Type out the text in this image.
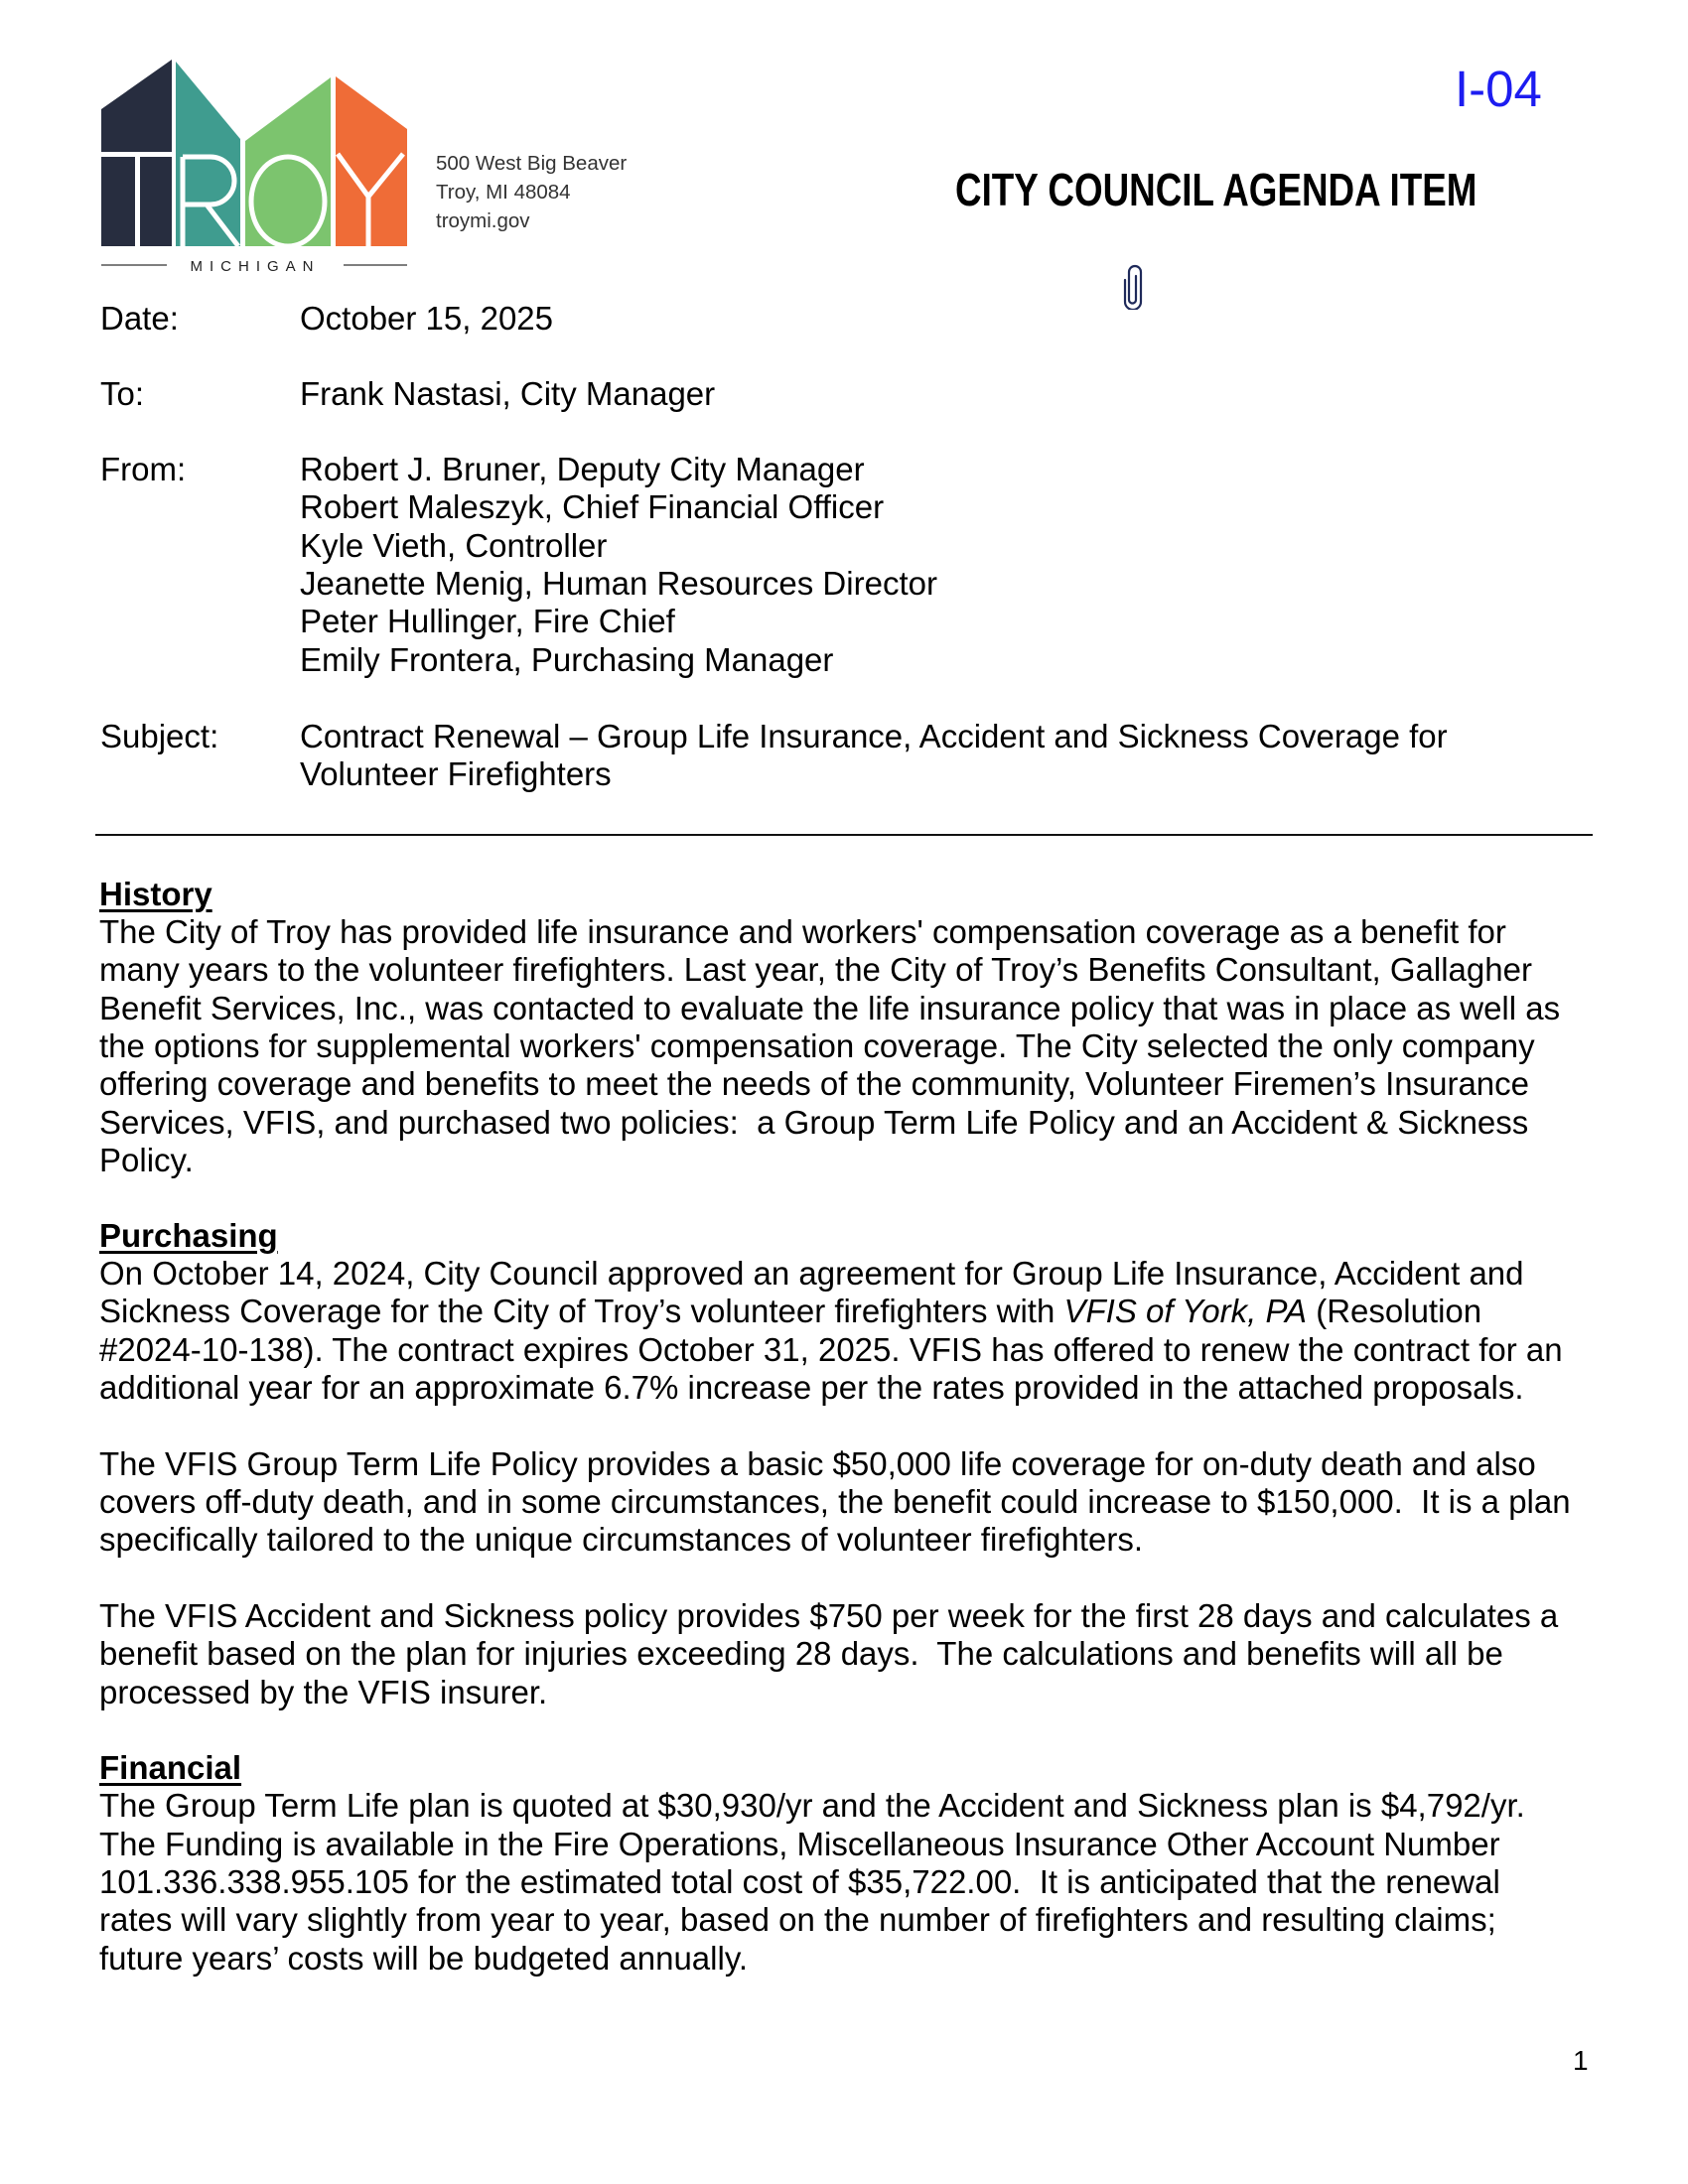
MICHIGAN
500 West Big Beaver
Troy, MI 48084
troymi.gov
I-04
CITY COUNCIL AGENDA ITEM
Date:	October 15, 2025
To:	Frank Nastasi, City Manager
From:	Robert J. Bruner, Deputy City Manager
Robert Maleszyk, Chief Financial Officer
Kyle Vieth, Controller
Jeanette Menig, Human Resources Director
Peter Hullinger, Fire Chief
Emily Frontera, Purchasing Manager
Subject: Contract Renewal – Group Life Insurance, Accident and Sickness Coverage for
Volunteer Firefighters
History
The City of Troy has provided life insurance and workers' compensation coverage as a benefit for
many years to the volunteer firefighters. Last year, the City of Troy’s Benefits Consultant, Gallagher
Benefit Services, Inc., was contacted to evaluate the life insurance policy that was in place as well as
the options for supplemental workers' compensation coverage. The City selected the only company
offering coverage and benefits to meet the needs of the community, Volunteer Firemen’s Insurance
Services, VFIS, and purchased two policies:  a Group Term Life Policy and an Accident & Sickness
Policy.
Purchasing
On October 14, 2024, City Council approved an agreement for Group Life Insurance, Accident and
Sickness Coverage for the City of Troy’s volunteer firefighters with VFIS of York, PA (Resolution
#2024-10-138). The contract expires October 31, 2025. VFIS has offered to renew the contract for an
additional year for an approximate 6.7% increase per the rates provided in the attached proposals.
The VFIS Group Term Life Policy provides a basic $50,000 life coverage for on-duty death and also
covers off-duty death, and in some circumstances, the benefit could increase to $150,000.  It is a plan
specifically tailored to the unique circumstances of volunteer firefighters.
The VFIS Accident and Sickness policy provides $750 per week for the first 28 days and calculates a
benefit based on the plan for injuries exceeding 28 days.  The calculations and benefits will all be
processed by the VFIS insurer.
Financial
The Group Term Life plan is quoted at $30,930/yr and the Accident and Sickness plan is $4,792/yr.
The Funding is available in the Fire Operations, Miscellaneous Insurance Other Account Number
101.336.338.955.105 for the estimated total cost of $35,722.00.  It is anticipated that the renewal
rates will vary slightly from year to year, based on the number of firefighters and resulting claims;
future years’ costs will be budgeted annually.
1
